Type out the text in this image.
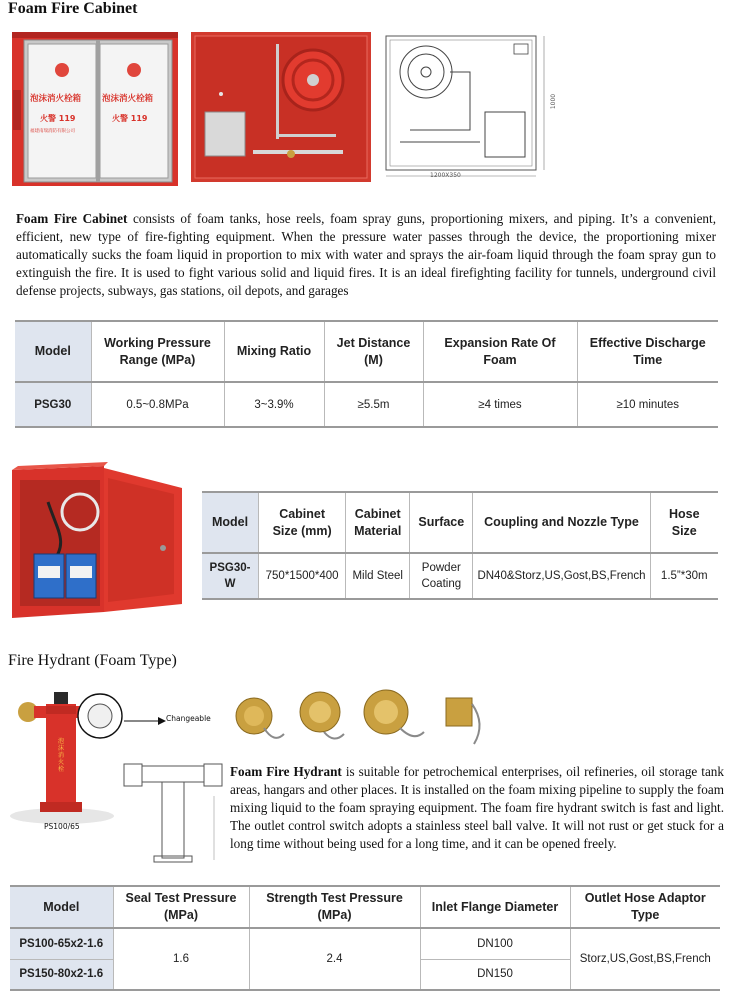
Foam Fire Cabinet
泡沫消火栓箱 泡沫消火栓箱
火警 119	火警 119
福建南瑞消防有限公司
1200X350
1000
Foam Fire Cabinet consists of foam tanks, hose reels, foam spray guns, proportioning mixers, and piping. It’s a convenient, efficient, new type of fire-fighting equipment. When the pressure water passes through the device, the proportioning mixer automatically sucks the foam liquid in proportion to mix with water and sprays the air-foam liquid through the foam spray gun to extinguish the fire. It is used to fight various solid and liquid fires. It is an ideal firefighting facility for tunnels, underground civil defense projects, subways, gas stations, oil depots, and garages
Model	Working Pressure Range (MPa)	Mixing Ratio	Jet Distance (M)	Expansion Rate Of Foam	Effective Discharge Time
PSG30	0.5~0.8MPa	3~3.9%	≥5.5m	≥4 times	≥10 minutes
Model	Cabinet Size (mm)	Cabinet Material	Surface	Coupling and Nozzle Type	Hose Size
PSG30-W	750*1500*400	Mild Steel	Powder Coating	DN40&Storz,US,Gost,BS,French	1.5”*30m
Fire Hydrant (Foam Type)
Changeable
PS100/65
泡沫消火栓	Foam Fire Hydrant is suitable for petrochemical enterprises, oil refineries, oil storage tank areas, hangars and other places. It is installed on the foam mixing pipeline to supply the foam mixing liquid to the foam spraying equipment. The foam fire hydrant switch is fast and light. The outlet control switch adopts a stainless steel ball valve. It will not rust or get stuck for a long time without being used for a long time, and it can be opened freely.
Model	Seal Test Pressure (MPa)	Strength Test Pressure (MPa)	Inlet Flange Diameter	Outlet Hose Adaptor Type
PS100-65x2-1.6	1.6	2.4	DN100	Storz,US,Gost,BS,French
PS150-80x2-1.6			DN150	
